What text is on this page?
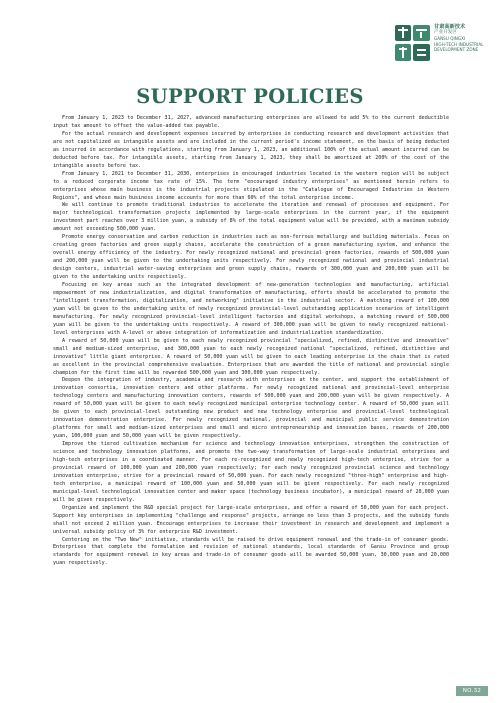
甘肃高新技术
产业开发区
GANSU QINGXI
HIGH-TECH INDUSTRIAL
DEVELOPMENT ZONE
SUPPORT POLICIES

From January 1, 2023 to December 31, 2027, advanced manufacturing enterprises are allowed to add 5% to the current deductible input tax amount to offset the value-added tax payable.

For the actual research and development expenses incurred by enterprises in conducting research and development activities that are not capitalized as intangible assets and are included in the current period's income statement, on the basis of being deducted as incurred in accordance with regulations, starting from January 1, 2023, an additional 100% of the actual amount incurred can be deducted before tax. For intangible assets, starting from January 1, 2023, they shall be amortized at 200% of the cost of the intangible assets before tax.

From January 1, 2021 to December 31, 2030, enterprises in encouraged industries located in the western region will be subject to a reduced corporate income tax rate of 15%. The term "encouraged industry enterprises" as mentioned herein refers to enterprises whose main business is the industrial projects stipulated in the "Catalogue of Encouraged Industries in Western Regions", and whose main business income accounts for more than 60% of the total enterprise income.

We will continue to promote traditional industries to accelerate the iteration and renewal of processes and equipment. For major technological transformation projects implemented by large-scale enterprises in the current year, if the equipment investment part reaches over 3 million yuan, a subsidy of 8% of the total equipment value will be provided, with a maximum subsidy amount not exceeding 500,000 yuan.

Promote energy conservation and carbon reduction in industries such as non-ferrous metallurgy and building materials. Focus on creating green factories and green supply chains, accelerate the construction of a green manufacturing system, and enhance the overall energy efficiency of the industry. For newly recognized national and provincial green factories, rewards of 500,000 yuan and 200,000 yuan will be given to the undertaking units respectively. For newly recognized national and provincial industrial design centers, industrial water-saving enterprises and green supply chains, rewards of 300,000 yuan and 200,000 yuan will be given to the undertaking units respectively.

Focusing on key areas such as the integrated development of new-generation technologies and manufacturing, artificial empowerment of new industrialization, and digital transformation of manufacturing, efforts should be accelerated to promote the "intelligent transformation, digitalization, and networking" initiative in the industrial sector. A matching reward of 100,000 yuan will be given to the undertaking units of newly recognized provincial-level outstanding application scenarios of intelligent manufacturing. For newly recognized provincial-level intelligent factories and digital workshops, a matching reward of 500,000 yuan will be given to the undertaking units respectively. A reward of 300,000 yuan will be given to newly recognized national-level enterprises with A-level or above integration of informatization and industrialization standardization.

A reward of 50,000 yuan will be given to each newly recognized provincial "specialized, refined, distinctive and innovative" small and medium-sized enterprise, and 300,000 yuan to each newly recognized national "specialized, refined, distinctive and innovative" little giant enterprise. A reward of 50,000 yuan will be given to each leading enterprise in the chain that is rated as excellent in the provincial comprehensive evaluation. Enterprises that are awarded the title of national and provincial single champion for the first time will be rewarded 500,000 yuan and 300,000 yuan respectively.

Deepen the integration of industry, academia and research with enterprises at the center, and support the establishment of innovation consortia, innovation centers and other platforms. For newly recognized national and provincial-level enterprise technology centers and manufacturing innovation centers, rewards of 500,000 yuan and 200,000 yuan will be given respectively. A reward of 50,000 yuan will be given to each newly recognized municipal enterprise technology center. A reward of 50,000 yuan will be given to each provincial-level outstanding new product and new technology enterprise and provincial-level technological innovation demonstration enterprise. For newly recognized national, provincial and municipal public service demonstration platforms for small and medium-sized enterprises and small and micro entrepreneurship and innovation bases, rewards of 200,000 yuan, 100,000 yuan and 50,000 yuan will be given respectively.

Improve the tiered cultivation mechanism for science and technology innovation enterprises, strengthen the construction of science and technology innovation platforms, and promote the two-way transformation of large-scale industrial enterprises and high-tech enterprises in a coordinated manner. For each re-recognized and newly recognized high-tech enterprise, strive for a provincial reward of 100,000 yuan and 200,000 yuan respectively; for each newly recognized provincial science and technology innovation enterprise, strive for a provincial reward of 50,000 yuan. For each newly recognized "three-high" enterprise and high-tech enterprise, a municipal reward of 100,000 yuan and 50,000 yuan will be given respectively. For each newly recognized municipal-level technological innovation center and maker space (technology business incubator), a municipal reward of 20,000 yuan will be given respectively.

Organize and implement the R&D special project for large-scale enterprises, and offer a reward of 50,000 yuan for each project. Support key enterprises in implementing "challenge and response" projects, arrange no less than 3 projects, and the subsidy funds shall not exceed 2 million yuan. Encourage enterprises to increase their investment in research and development and implement a universal subsidy policy of 3% for enterprise R&D investment.

Centering on the "Two New" initiative, standards will be raised to drive equipment renewal and the trade-in of consumer goods. Enterprises that complete the formulation and revision of national standards, local standards of Gansu Province and group standards for equipment renewal in key areas and trade-in of consumer goods will be awarded 50,000 yuan, 30,000 yuan and 20,000 yuan respectively.

NO.32
